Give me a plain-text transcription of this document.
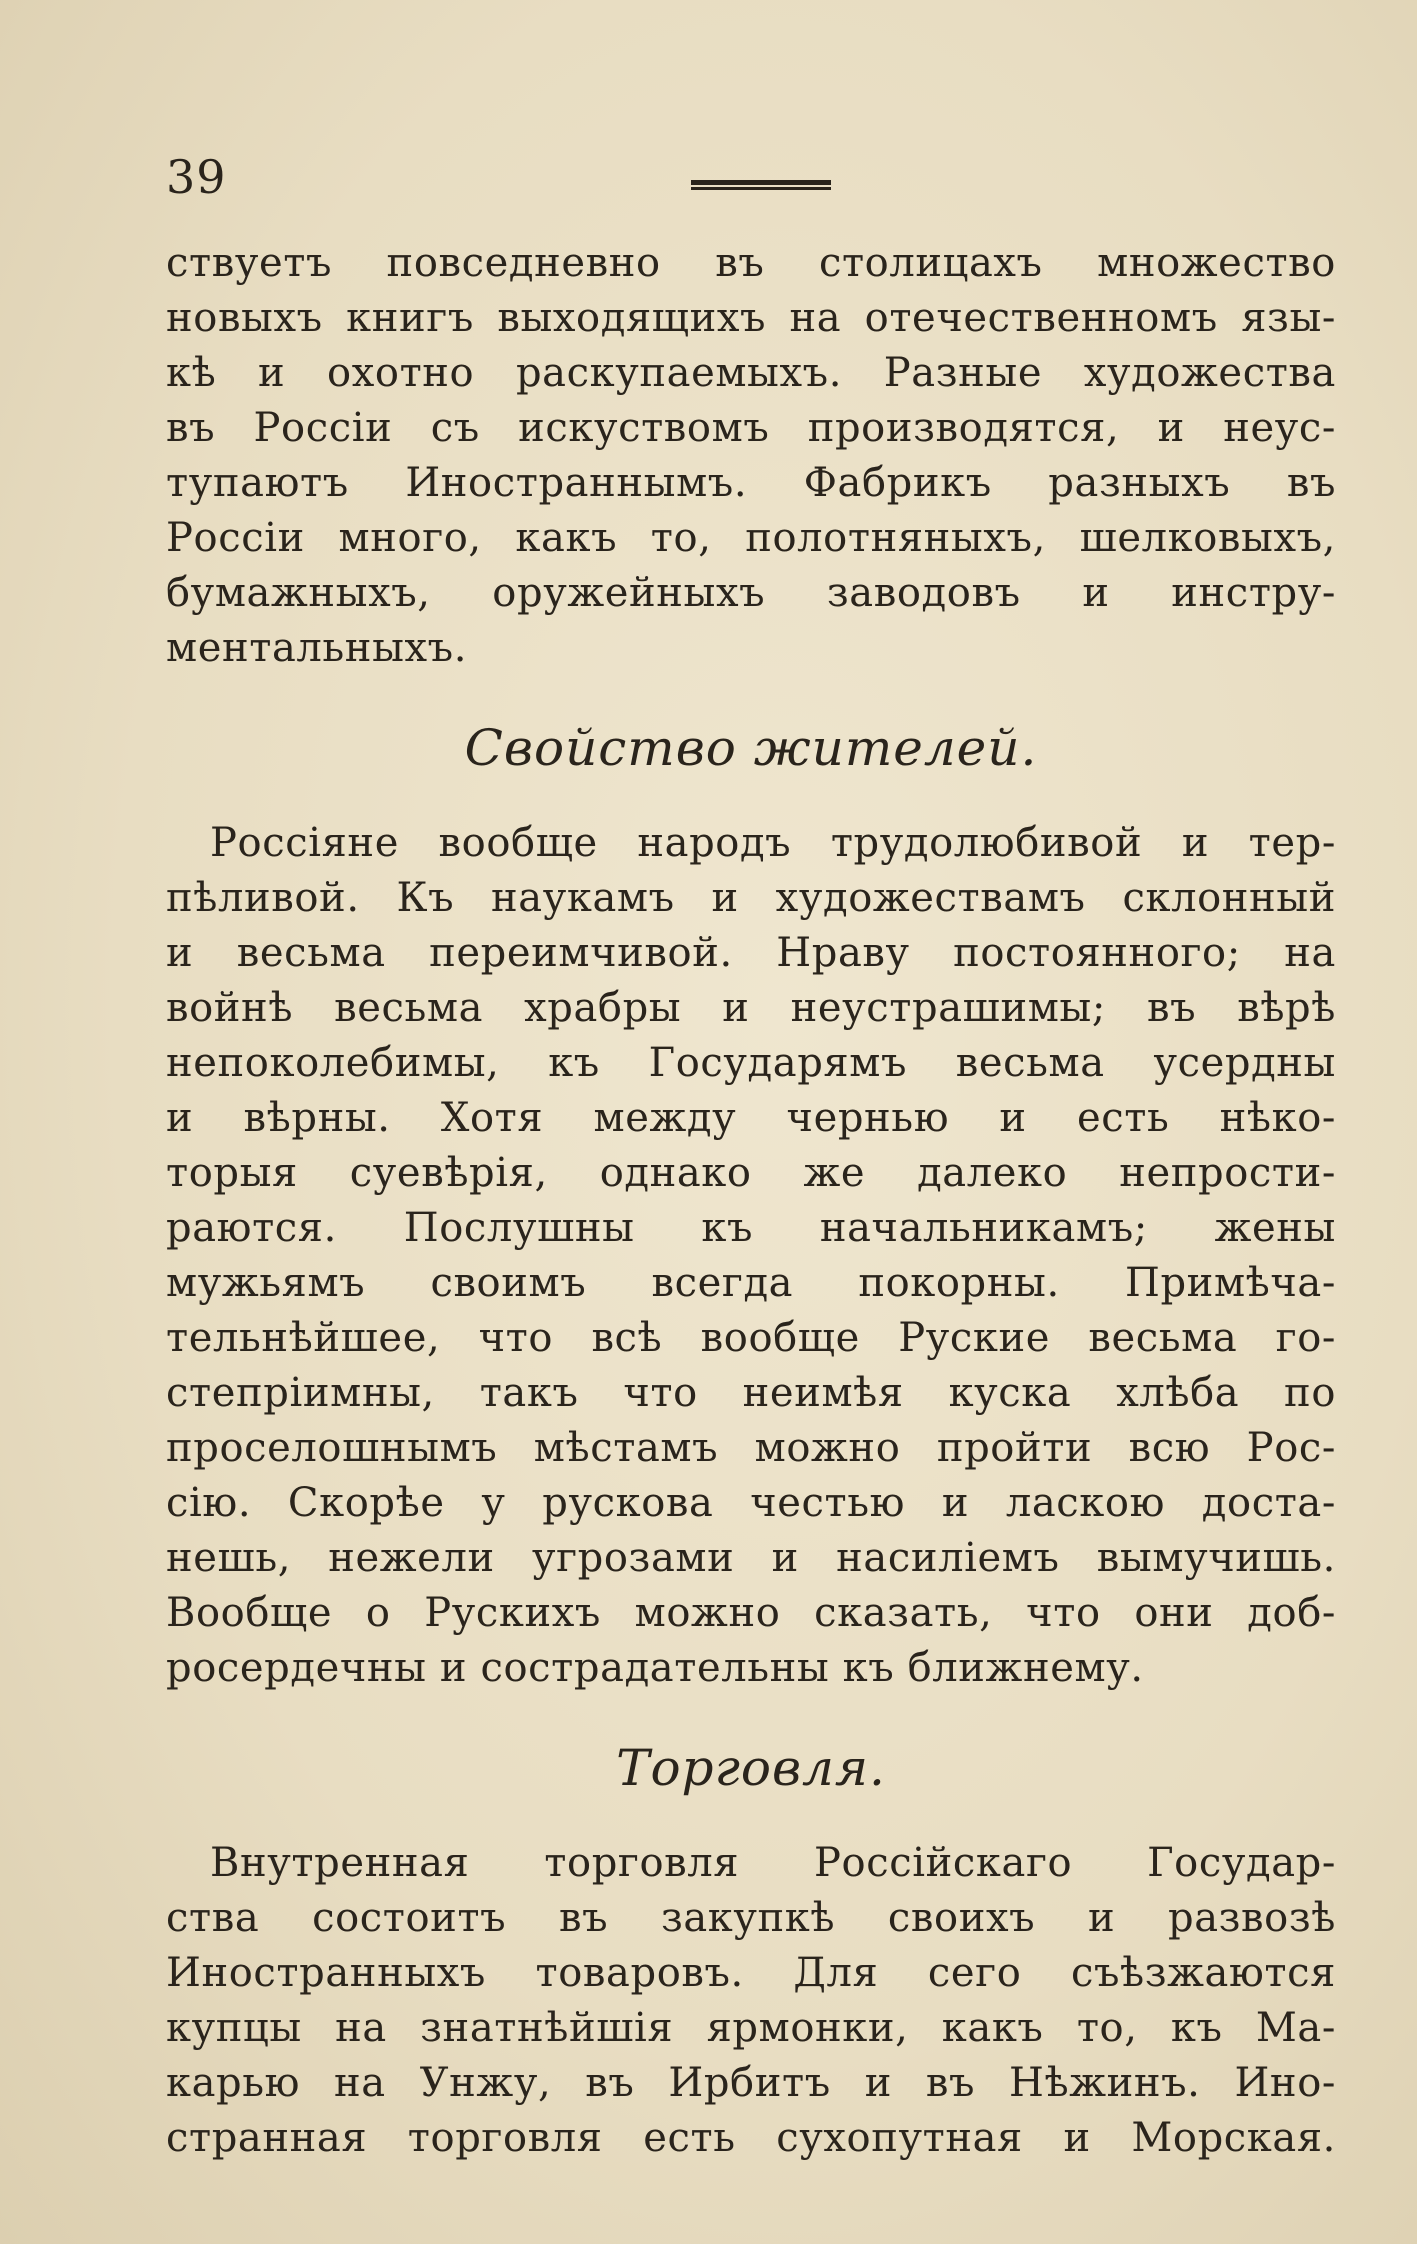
39
ствуетъ повседневно въ столицахъ множество
новыхъ книгъ выходящихъ на отечественномъ язы-
кѣ и охотно раскупаемыхъ. Разные художества
въ Россіи съ искуствомъ производятся, и неус-
тупаютъ Иностраннымъ. Фабрикъ разныхъ въ
Россіи много, какъ то, полотняныхъ, шелковыхъ,
бумажныхъ, оружейныхъ заводовъ и инстру-
ментальныхъ.
Свойство жителей.
Россіяне вообще народъ трудолюбивой и тер-
пѣливой. Къ наукамъ и художествамъ склонный
и весьма переимчивой. Нраву постоянного; на
войнѣ весьма храбры и неустрашимы; въ вѣрѣ
непоколебимы, къ Государямъ весьма усердны
и вѣрны. Хотя между чернью и есть нѣко-
торыя суевѣрія, однако же далеко непрости-
раются. Послушны къ начальникамъ; жены
мужьямъ своимъ всегда покорны. Примѣча-
тельнѣйшее, что всѣ вообще Руские весьма го-
степріимны, такъ что неимѣя куска хлѣба по
проселошнымъ мѣстамъ можно пройти всю Рос-
сію. Скорѣе у рускова честью и ласкою доста-
нешь, нежели угрозами и насиліемъ вымучишь.
Вообще о Рускихъ можно сказать, что они доб-
росердечны и сострадательны къ ближнему.
Торговля.
Внутренная торговля Россійскаго Государ-
ства состоитъ въ закупкѣ своихъ и развозѣ
Иностранныхъ товаровъ. Для сего съѣзжаются
купцы на знатнѣйшія ярмонки, какъ то, къ Ма-
карью на Унжу, въ Ирбитъ и въ Нѣжинъ. Ино-
странная торговля есть сухопутная и Морская.
